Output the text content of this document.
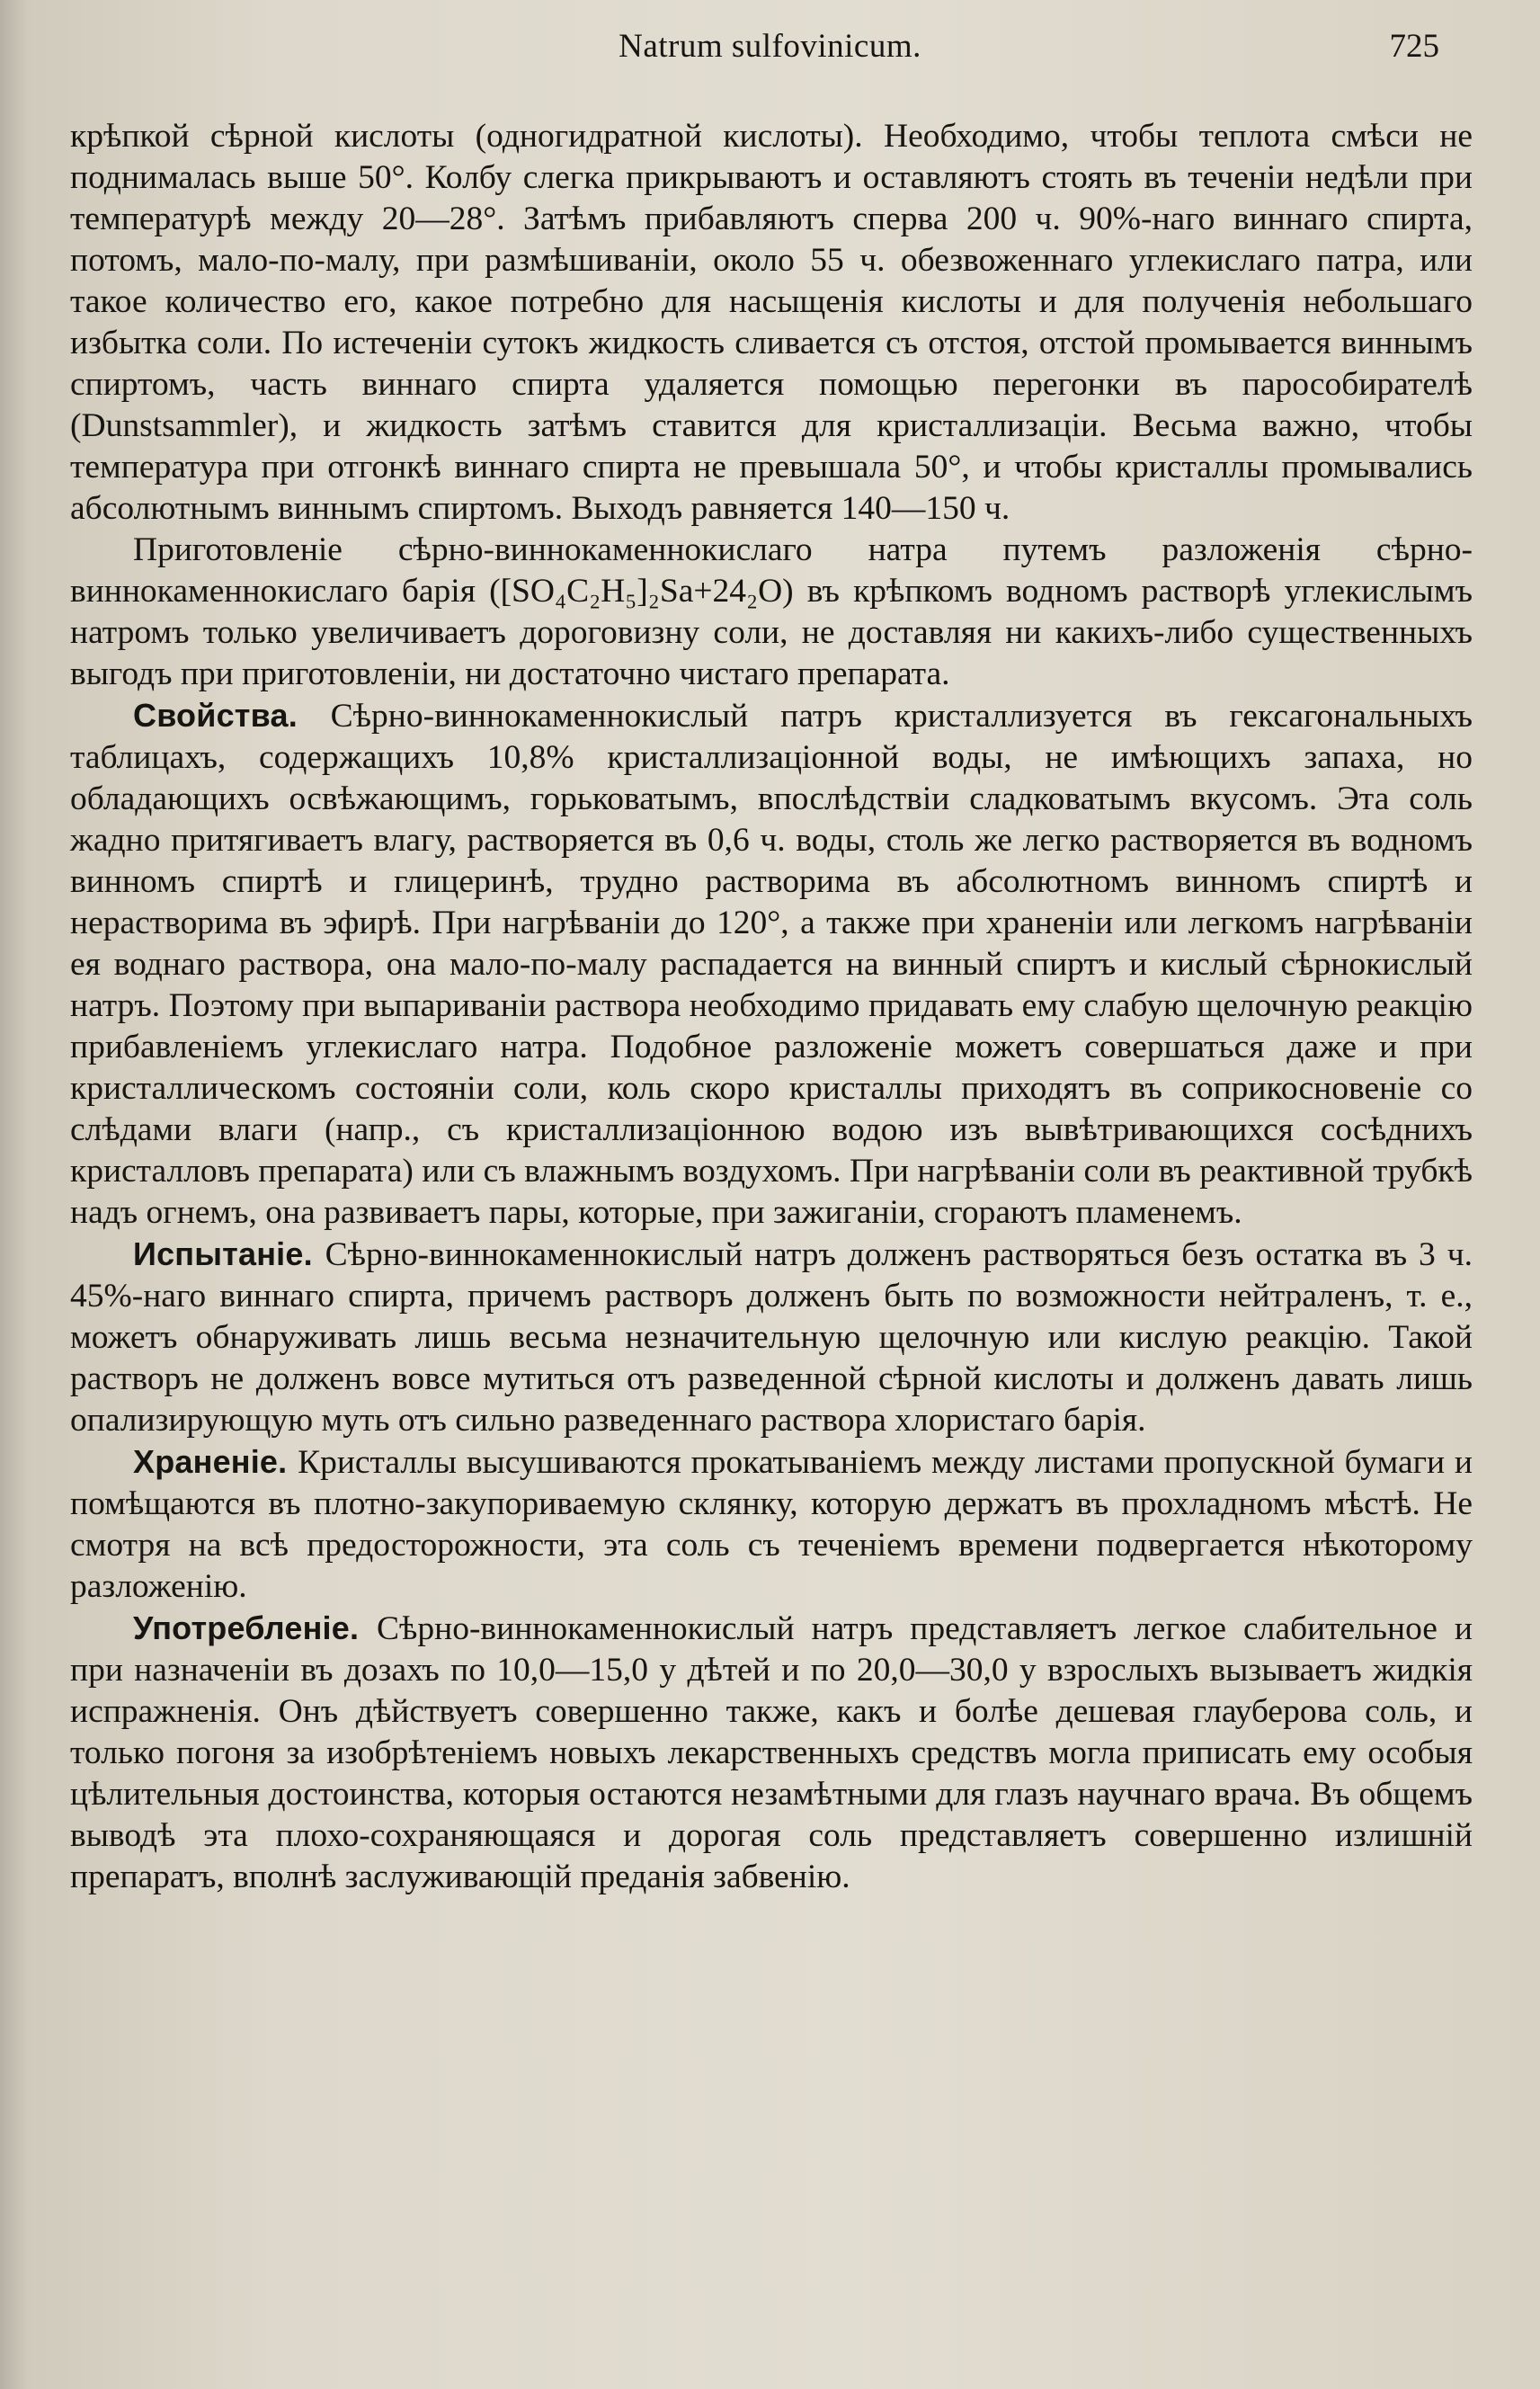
Natrum sulfovinicum.	725

крѣпкой сѣрной кислоты (одногидратной кислоты). Необходимо, чтобы теплота смѣси не поднималась выше 50°. Колбу слегка прикрываютъ и оставляютъ стоять въ теченіи недѣли при температурѣ между 20—28°. Затѣмъ прибавляютъ сперва 200 ч. 90%-наго виннаго спирта, потомъ, мало-по-малу, при размѣшиваніи, около 55 ч. обезвоженнаго углекислаго патра, или такое количество его, какое потребно для насыщенія кислоты и для полученія небольшаго избытка соли. По истеченіи сутокъ жидкость сливается съ отстоя, отстой промывается виннымъ спиртомъ, часть виннаго спирта удаляется помощью перегонки въ парособирателѣ (Dunstsammler), и жидкость затѣмъ ставится для кристаллизаціи. Весьма важно, чтобы температура при отгонкѣ виннаго спирта не превышала 50°, и чтобы кристаллы промывались абсолютнымъ виннымъ спиртомъ. Выходъ равняется 140—150 ч.

Приготовленіе сѣрно-виннокаменнокислаго натра путемъ разложенія сѣрно-виннокаменнокислаго барія ([SO₄C₂H₅]₂Sa+24₂O) въ крѣпкомъ водномъ растворѣ углекислымъ натромъ только увеличиваетъ дороговизну соли, не доставляя ни какихъ-либо существенныхъ выгодъ при приготовленіи, ни достаточно чистаго препарата.

Свойства. Сѣрно-виннокаменнокислый патръ кристаллизуется въ гексагональныхъ таблицахъ, содержащихъ 10,8% кристаллизаціонной воды, не имѣющихъ запаха, но обладающихъ освѣжающимъ, горьковатымъ, впослѣдствіи сладковатымъ вкусомъ. Эта соль жадно притягиваетъ влагу, растворяется въ 0,6 ч. воды, столь же легко растворяется въ водномъ винномъ спиртѣ и глицеринѣ, трудно растворима въ абсолютномъ винномъ спиртѣ и нерастворима въ эфирѣ. При нагрѣваніи до 120°, а также при храненіи или легкомъ нагрѣваніи ея воднаго раствора, она мало-по-малу распадается на винный спиртъ и кислый сѣрнокислый натръ. Поэтому при выпариваніи раствора необходимо придавать ему слабую щелочную реакцію прибавленіемъ углекислаго натра. Подобное разложеніе можетъ совершаться даже и при кристаллическомъ состояніи соли, коль скоро кристаллы приходятъ въ соприкосновеніе со слѣдами влаги (напр., съ кристаллизаціонною водою изъ вывѣтривающихся сосѣднихъ кристалловъ препарата) или съ влажнымъ воздухомъ. При нагрѣваніи соли въ реактивной трубкѣ надъ огнемъ, она развиваетъ пары, которые, при зажиганіи, сгораютъ пламенемъ.

Испытаніе. Сѣрно-виннокаменнокислый натръ долженъ растворяться безъ остатка въ 3 ч. 45%-наго виннаго спирта, причемъ растворъ долженъ быть по возможности нейтраленъ, т. е., можетъ обнаруживать лишь весьма незначительную щелочную или кислую реакцію. Такой растворъ не долженъ вовсе мутиться отъ разведенной сѣрной кислоты и долженъ давать лишь опализирующую муть отъ сильно разведеннаго раствора хлористаго барія.

Храненіе. Кристаллы высушиваются прокатываніемъ между листами пропускной бумаги и помѣщаются въ плотно-закупориваемую склянку, которую держатъ въ прохладномъ мѣстѣ. Не смотря на всѣ предосторожности, эта соль съ теченіемъ времени подвергается нѣкоторому разложенію.

Употребленіе. Сѣрно-виннокаменнокислый натръ представляетъ легкое слабительное и при назначеніи въ дозахъ по 10,0—15,0 у дѣтей и по 20,0—30,0 у взрослыхъ вызываетъ жидкія испражненія. Онъ дѣйствуетъ совершенно также, какъ и болѣе дешевая глауберова соль, и только погоня за изобрѣтеніемъ новыхъ лекарственныхъ средствъ могла приписать ему особыя цѣлительныя достоинства, которыя остаются незамѣтными для глазъ научнаго врача. Въ общемъ выводѣ эта плохо-сохраняющаяся и дорогая соль представляетъ совершенно излишній препаратъ, вполнѣ заслуживающій преданія забвенію.
